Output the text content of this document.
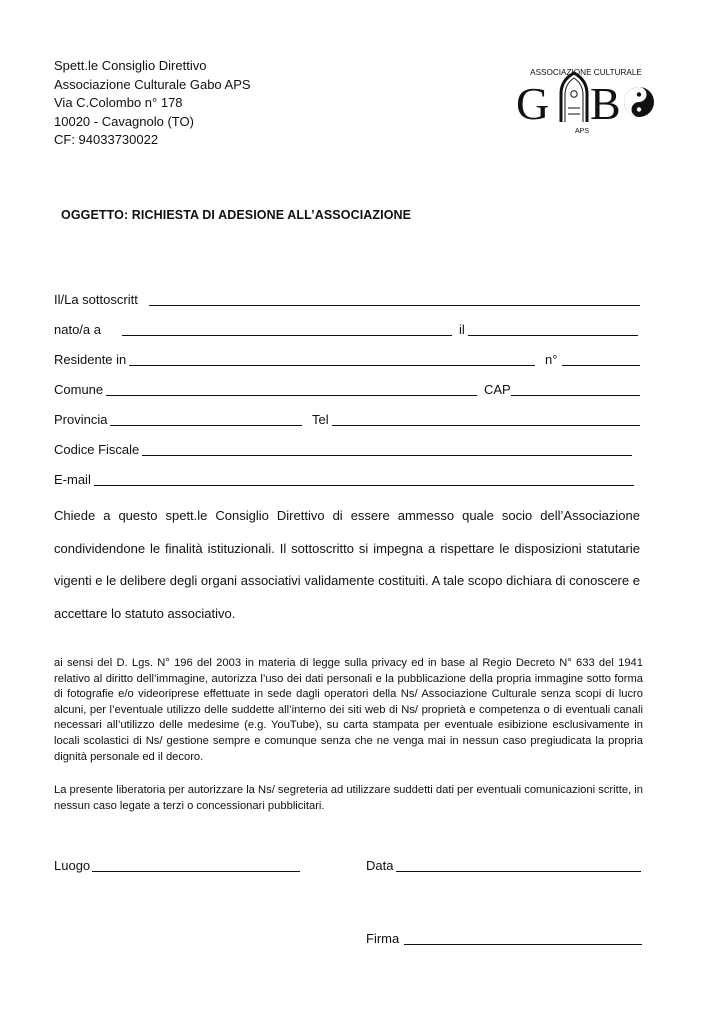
Spett.le Consiglio Direttivo
Associazione Culturale Gabo APS
Via C.Colombo n° 178
10020 - Cavagnolo (TO)
CF: 94033730022
ASSOCIAZIONE CULTURALE
G B
APS
OGGETTO: RICHIESTA DI ADESIONE ALL’ASSOCIAZIONE
Il/La sottoscritt
nato/a a	il
Residente in	n°
Comune	CAP
Provincia	Tel
Codice Fiscale
E-mail
Chiede a questo spett.le Consiglio Direttivo di essere ammesso quale socio dell’Associazione condividendone le finalità istituzionali. Il sottoscritto si impegna a rispettare le disposizioni statutarie vigenti e le delibere degli organi associativi validamente costituiti. A tale scopo dichiara di conoscere e accettare lo statuto associativo.
ai sensi del D. Lgs. N° 196 del 2003 in materia di legge sulla privacy ed in base al Regio Decreto N° 633 del 1941 relativo al diritto dell’immagine, autorizza l’uso dei dati personali e la pubblicazione della propria immagine sotto forma di fotografie e/o videoriprese effettuate in sede dagli operatori della Ns/ Associazione Culturale senza scopi di lucro alcuni, per l’eventuale utilizzo delle suddette all’interno dei siti web di Ns/ proprietà e competenza o di eventuali canali necessari all’utilizzo delle medesime (e.g. YouTube), su carta stampata per eventuale esibizione esclusivamente in locali scolastici di Ns/ gestione sempre e comunque senza che ne venga mai in nessun caso pregiudicata la propria dignità personale ed il decoro.
La presente liberatoria per autorizzare la Ns/ segreteria ad utilizzare suddetti dati per eventuali comunicazioni scritte, in nessun caso legate a terzi o concessionari pubblicitari.
Luogo	Data
Firma
